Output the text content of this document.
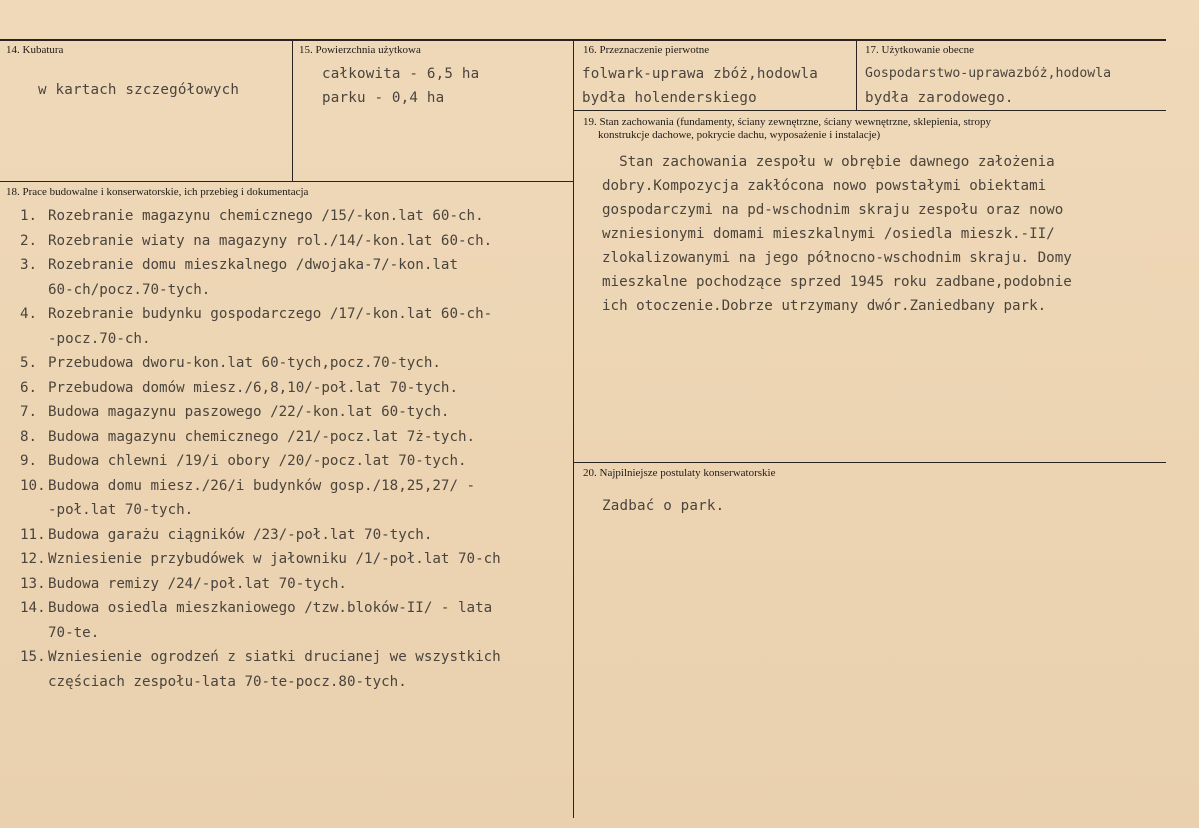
14. Kubatura
w kartach szczegółowych
15. Powierzchnia użytkowa
całkowita - 6,5 ha
parku - 0,4 ha
16. Przeznaczenie pierwotne
folwark-uprawa zbóż,hodowla
bydła holenderskiego
17. Użytkowanie obecne
Gospodarstwo-uprawazbóż,hodowla
bydła zarodowego.
19. Stan zachowania (fundamenty, ściany zewnętrzne, ściany wewnętrzne, sklepienia, stropy
konstrukcje dachowe, pokrycie dachu, wyposażenie i instalacje)
Stan zachowania zespołu w obrębie dawnego założenia
dobry.Kompozycja zakłócona nowo powstałymi obiektami
gospodarczymi na pd-wschodnim skraju zespołu oraz nowo
wzniesionymi domami mieszkalnymi /osiedla mieszk.-II/
zlokalizowanymi na jego północno-wschodnim skraju. Domy
mieszkalne pochodzące sprzed 1945 roku zadbane,podobnie
ich otoczenie.Dobrze utrzymany dwór.Zaniedbany park.
18. Prace budowalne i konserwatorskie, ich przebieg i dokumentacja
1. Rozebranie magazynu chemicznego /15/-kon.lat 60-ch.
2. Rozebranie wiaty na magazyny rol./14/-kon.lat 60-ch.
3. Rozebranie domu mieszkalnego /dwojaka-7/-kon.lat
60-ch/pocz.70-tych.
4. Rozebranie budynku gospodarczego /17/-kon.lat 60-ch-
-pocz.70-ch.
5. Przebudowa dworu-kon.lat 60-tych,pocz.70-tych.
6. Przebudowa domów miesz./6,8,10/-poł.lat 70-tych.
7. Budowa magazynu paszowego /22/-kon.lat 60-tych.
8. Budowa magazynu chemicznego /21/-pocz.lat 7ż-tych.
9. Budowa chlewni /19/i obory /20/-pocz.lat 70-tych.
10. Budowa domu miesz./26/i budynków gosp./18,25,27/ -
-poł.lat 70-tych.
11. Budowa garażu ciągników /23/-poł.lat 70-tych.
12. Wzniesienie przybudówek w jałowniku /1/-poł.lat 70-ch
13. Budowa remizy /24/-poł.lat 70-tych.
14. Budowa osiedla mieszkaniowego /tzw.bloków-II/ - lata
70-te.
15. Wzniesienie ogrodzeń z siatki drucianej we wszystkich
częściach zespołu-lata 70-te-pocz.80-tych.
20. Najpilniejsze postulaty konserwatorskie
Zadbać o park.
